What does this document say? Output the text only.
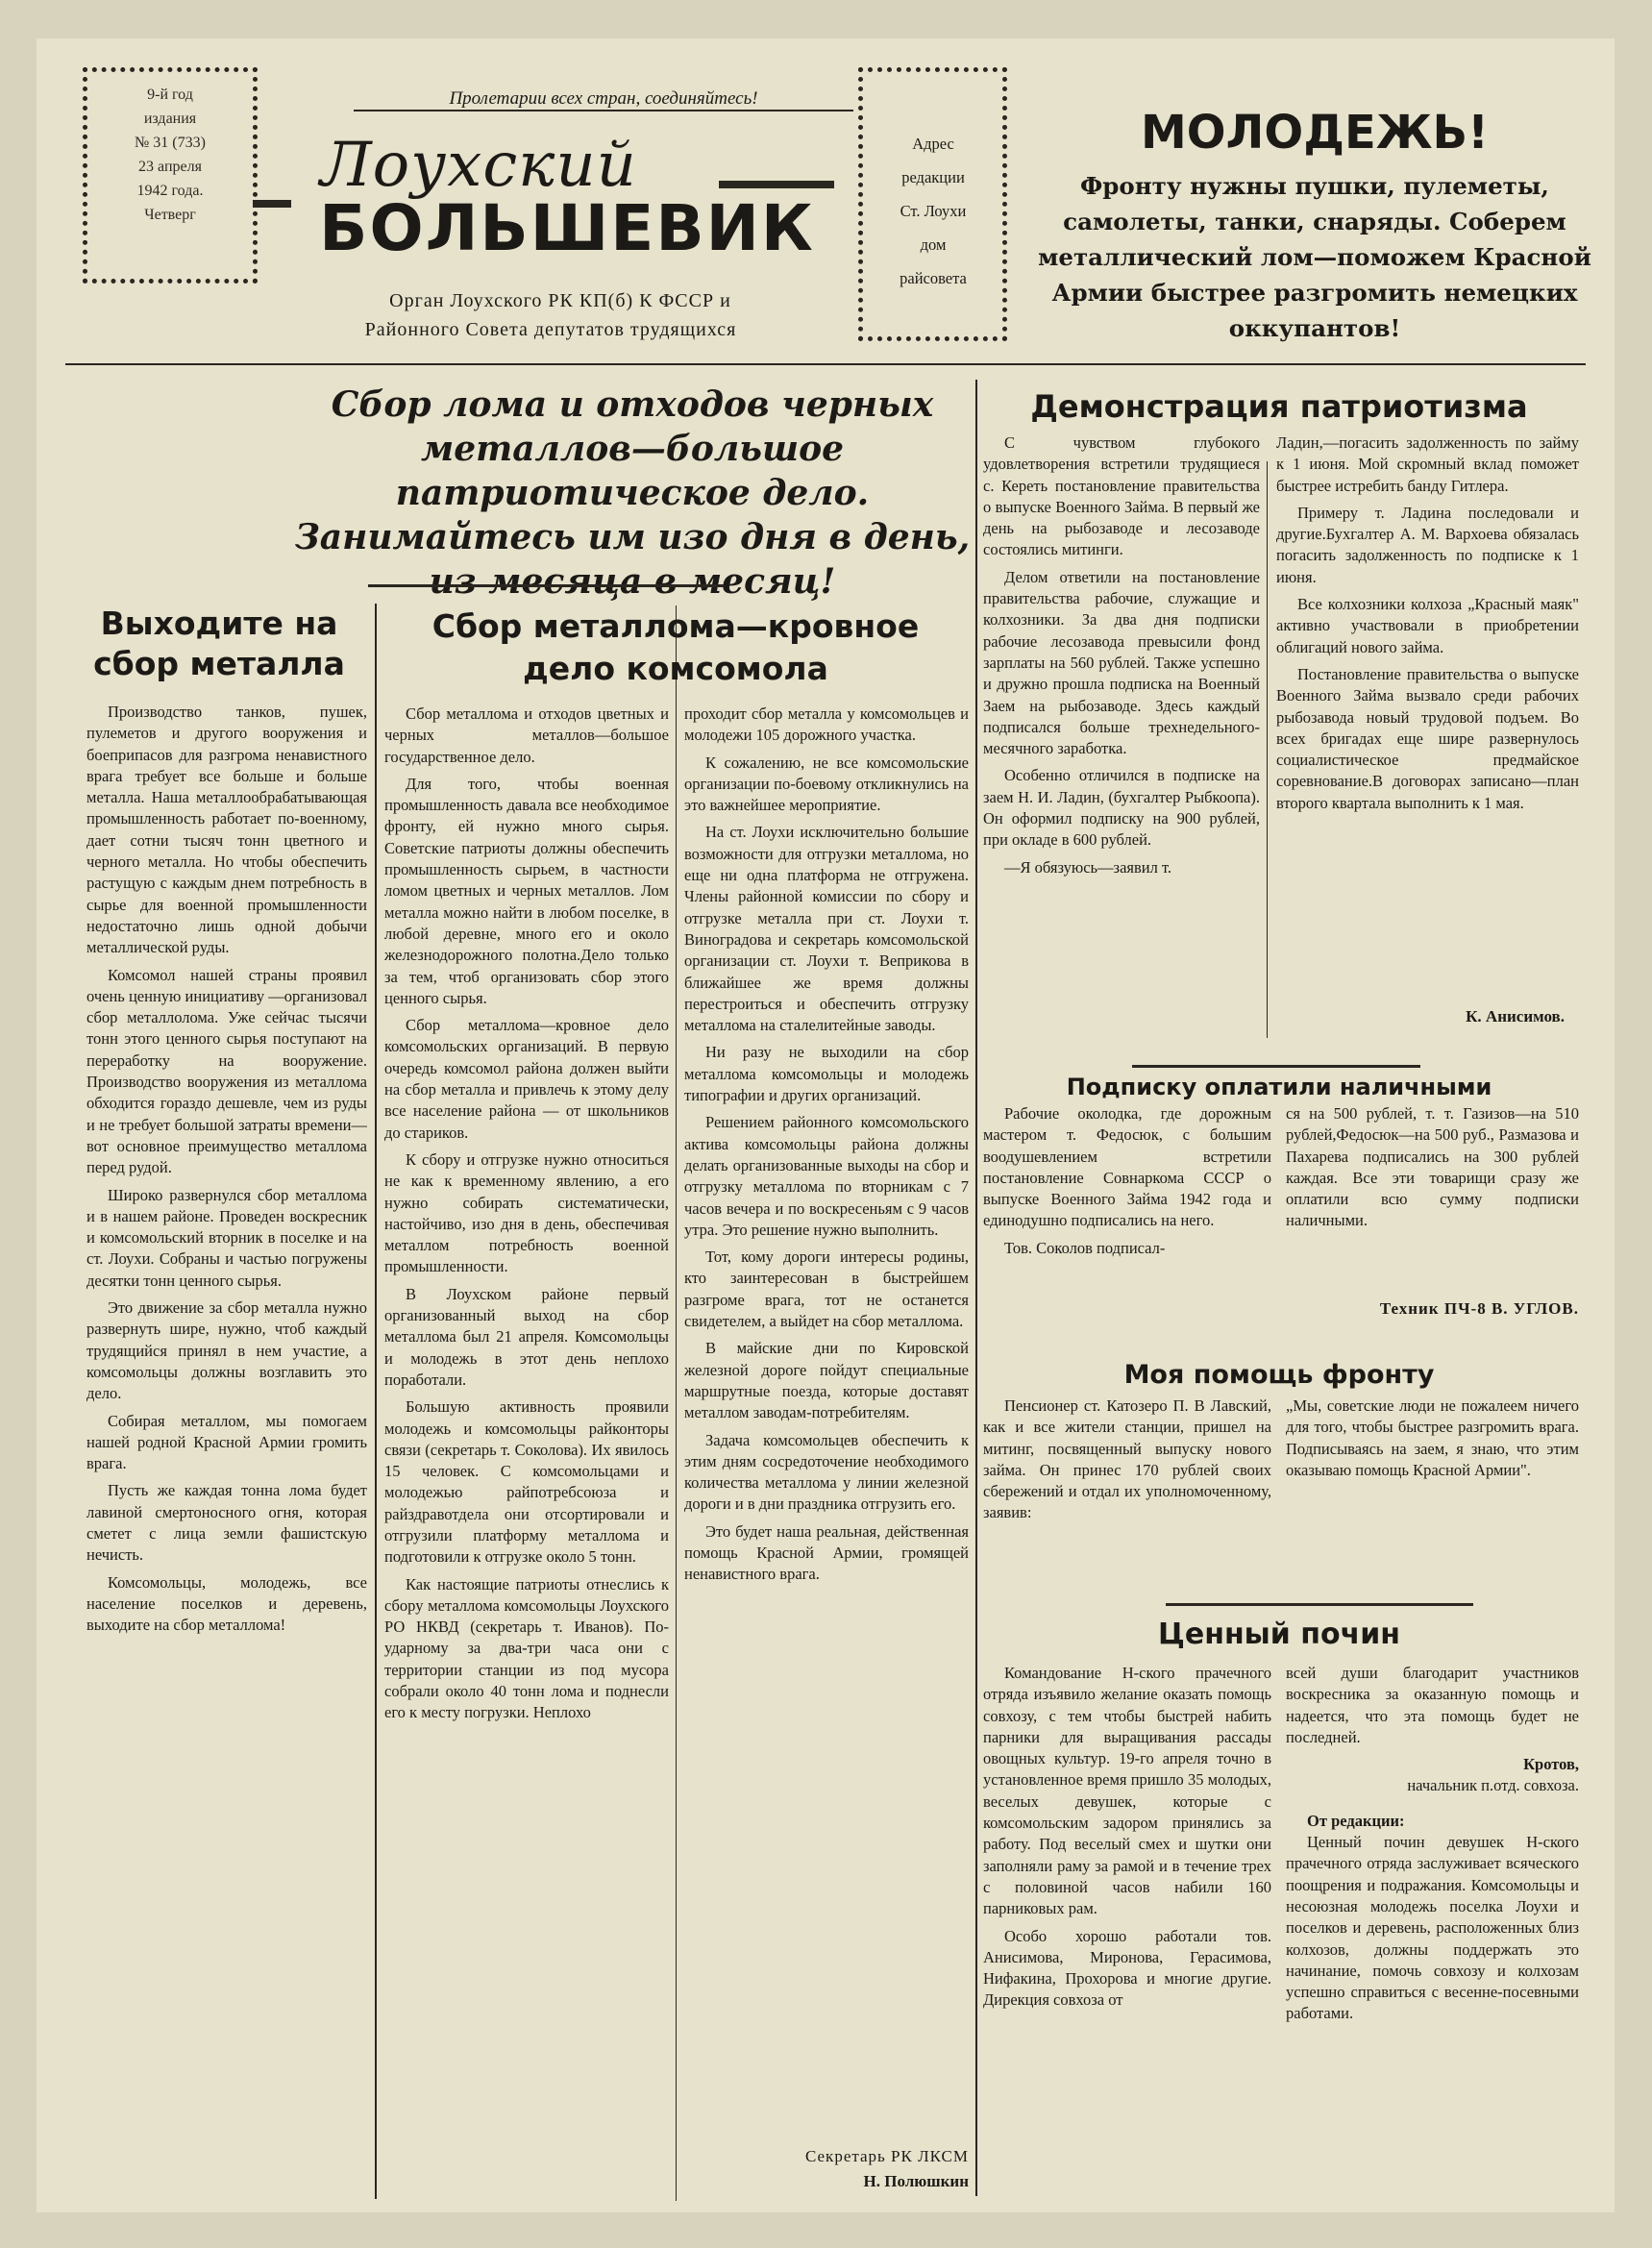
9-й год
издания
№ 31 (733)
23 апреля
1942 года.
Четверг
Пролетарии всех стран, соединяйтесь!
Лоухский
БОЛЬШЕВИК
Орган Лоухского РК КП(б) К ФССР и
Районного Совета депутатов трудящихся
Адрес
редакции
Ст. Лоухи
дом
райсовета
МОЛОДЕЖЬ!
Фронту нужны пушки, пулеметы, самолеты, танки, снаряды. Соберем металлический лом—поможем Красной Армии быстрее разгромить немецких оккупантов!
Сбор лома и отходов черных металлов—большое патриотическое дело. Занимайтесь им изо дня в день, из месяца в месяц!
Выходите на сбор металла

Производство танков, пушек, пулеметов и другого вооружения и боеприпасов для разгрома ненавистного врага требует все больше и больше металла. Наша металлообрабатывающая промышленность работает по-военному, дает сотни тысяч тонн цветного и черного металла. Но чтобы обеспечить растущую с каждым днем потребность в сырье для военной промышленности недостаточно лишь одной добычи металлической руды.

Комсомол нашей страны проявил очень ценную инициативу —организовал сбор металлолома. Уже сейчас тысячи тонн этого ценного сырья поступают на переработку на вооружение. Производство вооружения из металлома обходится гораздо дешевле, чем из руды и не требует большой затраты времени—вот основное преимущество металлома перед рудой.

Широко развернулся сбор металлома и в нашем районе. Проведен воскресник и комсомольский вторник в поселке и на ст. Лоухи. Собраны и частью погружены десятки тонн ценного сырья.

Это движение за сбор металла нужно развернуть шире, нужно, чтоб каждый трудящийся принял в нем участие, а комсомольцы должны возглавить это дело.

Собирая металлом, мы помогаем нашей родной Красной Армии громить врага.

Пусть же каждая тонна лома будет лавиной смертоносного огня, которая сметет с лица земли фашистскую нечисть.

Комсомольцы, молодежь, все население поселков и деревень, выходите на сбор металлома!

Сбор металлома—кровное дело комсомола

Сбор металлома и отходов цветных и черных металлов—большое государственное дело.

Для того, чтобы военная промышленность давала все необходимое фронту, ей нужно много сырья. Советские патриоты должны обеспечить промышленность сырьем, в частности ломом цветных и черных металлов. Лом металла можно найти в любом поселке, в любой деревне, много его и около железнодорожного полотна.Дело только за тем, чтоб организовать сбор этого ценного сырья.

Сбор металлома—кровное дело комсомольских организаций. В первую очередь комсомол района должен выйти на сбор металла и привлечь к этому делу все население района — от школьников до стариков.

К сбору и отгрузке нужно относиться не как к временному явлению, а его нужно собирать систематически, настойчиво, изо дня в день, обеспечивая металлом потребность военной промышленности.

В Лоухском районе первый организованный выход на сбор металлома был 21 апреля. Комсомольцы и молодежь в этот день неплохо поработали.

Большую активность проявили молодежь и комсомольцы райконторы связи (секретарь т. Соколова). Их явилось 15 человек. С комсомольцами и молодежью райпотребсоюза и райздравотдела они отсортировали и отгрузили платформу металлома и подготовили к отгрузке около 5 тонн.

Как настоящие патриоты отнеслись к сбору металлома комсомольцы Лоухского РО НКВД (секретарь т. Иванов). По-ударному за два-три часа они с территории станции из под мусора собрали около 40 тонн лома и поднесли его к месту погрузки. Неплохо

проходит сбор металла у комсомольцев и молодежи 105 дорожного участка.

К сожалению, не все комсомольские организации по-боевому откликнулись на это важнейшее мероприятие.

На ст. Лоухи исключительно большие возможности для отгрузки металлома, но еще ни одна платформа не отгружена. Члены районной комиссии по сбору и отгрузке металла при ст. Лоухи т. Виноградова и секретарь комсомольской организации ст. Лоухи т. Веприкова в ближайшее же время должны перестроиться и обеспечить отгрузку металлома на сталелитейные заводы.

Ни разу не выходили на сбор металлома комсомольцы и молодежь типографии и других организаций.

Решением районного комсомольского актива комсомольцы района должны делать организованные выходы на сбор и отгрузку металлома по вторникам с 7 часов вечера и по воскресеньям с 9 часов утра. Это решение нужно выполнить.

Тот, кому дороги интересы родины, кто заинтересован в быстрейшем разгроме врага, тот не останется свидетелем, а выйдет на сбор металлома.

В майские дни по Кировской железной дороге пойдут специальные маршрутные поезда, которые доставят металлом заводам-потребителям.

Задача комсомольцев обеспечить к этим дням сосредоточение необходимого количества металлома у линии железной дороги и в дни праздника отгрузить его.

Это будет наша реальная, действенная помощь Красной Армии, громящей ненавистного врага.

Секретарь РК ЛКСМ
Н. Полюшкин
Демонстрация патриотизма

С чувством глубокого удовлетворения встретили трудящиеся с. Кереть постановление правительства о выпуске Военного Займа. В первый же день на рыбозаводе и лесозаводе состоялись митинги.

Делом ответили на постановление правительства рабочие, служащие и колхозники. За два дня подписки рабочие лесозавода превысили фонд зарплаты на 560 рублей. Также успешно и дружно прошла подписка на Военный Заем на рыбозаводе. Здесь каждый подписался больше трехнедельного-месячного заработка.

Особенно отличился в подписке на заем Н. И. Ладин, (бухгалтер Рыбкоопа). Он оформил подписку на 900 рублей, при окладе в 600 рублей.

—Я обязуюсь—заявил т.

Ладин,—погасить задолженность по займу к 1 июня. Мой скромный вклад поможет быстрее истребить банду Гитлера.

Примеру т. Ладина последовали и другие.Бухгалтер А. М. Вархоева обязалась погасить задолженность по подписке к 1 июня.

Все колхозники колхоза „Красный маяк" активно участвовали в приобретении облигаций нового займа.

Постановление правительства о выпуске Военного Займа вызвало среди рабочих рыбозавода новый трудовой подъем. Во всех бригадах еще шире развернулось социалистическое предмайское соревнование.В договорах записано—план второго квартала выполнить к 1 мая.

К. Анисимов.
Подписку оплатили наличными

Рабочие околодка, где дорожным мастером т. Федосюк, с большим воодушевлением встретили постановление Совнаркома СССР о выпуске Военного Займа 1942 года и единодушно подписались на него.

Тов. Соколов подписал-

ся на 500 рублей, т. т. Газизов—на 510 рублей,Федосюк—на 500 руб., Размазова и Пахарева подписались на 300 рублей каждая. Все эти товарищи сразу же оплатили всю сумму подписки наличными.

Техник ПЧ-8 В. УГЛОВ.
Моя помощь фронту

Пенсионер ст. Катозеро П. В Лавский, как и все жители станции, пришел на митинг, посвященный выпуску нового займа. Он принес 170 рублей своих сбережений и отдал их уполномоченному, заявив:

„Мы, советские люди не пожалеем ничего для того, чтобы быстрее разгромить врага. Подписываясь на заем, я знаю, что этим оказываю помощь Красной Армии".

Ценный почин

Командование Н-ского прачечного отряда изъявило желание оказать помощь совхозу, с тем чтобы быстрей набить парники для выращивания рассады овощных культур. 19-го апреля точно в установленное время пришло 35 молодых, веселых девушек, которые с комсомольским задором принялись за работу. Под веселый смех и шутки они заполняли раму за рамой и в течение трех с половиной часов набили 160 парниковых рам.

Особо хорошо работали тов. Анисимова, Миронова, Герасимова, Нифакина, Прохорова и многие другие. Дирекция совхоза от

всей души благодарит участников воскресника за оказанную помощь и надеется, что эта помощь будет не последней.

Кротов,
начальник п.отд. совхоза.
От редакции:

Ценный почин девушек Н-ского прачечного отряда заслуживает всяческого поощрения и подражания. Комсомольцы и несоюзная молодежь поселка Лоухи и поселков и деревень, расположенных близ колхозов, должны поддержать это начинание, помочь совхозу и колхозам успешно справиться с весенне-посевными работами.
